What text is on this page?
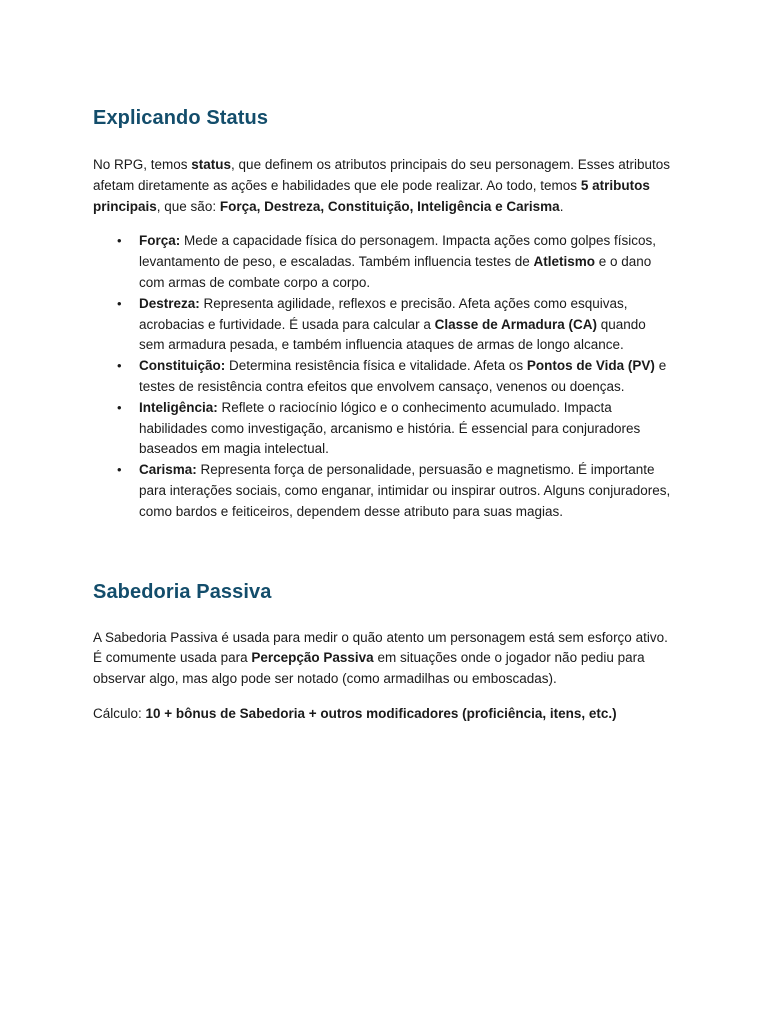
Explicando Status

No RPG, temos status, que definem os atributos principais do seu personagem. Esses atributos afetam diretamente as ações e habilidades que ele pode realizar. Ao todo, temos 5 atributos principais, que são: Força, Destreza, Constituição, Inteligência e Carisma.

• Força: Mede a capacidade física do personagem. Impacta ações como golpes físicos, levantamento de peso, e escaladas. Também influencia testes de Atletismo e o dano com armas de combate corpo a corpo.
• Destreza: Representa agilidade, reflexos e precisão. Afeta ações como esquivas, acrobacias e furtividade. É usada para calcular a Classe de Armadura (CA) quando sem armadura pesada, e também influencia ataques de armas de longo alcance.
• Constituição: Determina resistência física e vitalidade. Afeta os Pontos de Vida (PV) e testes de resistência contra efeitos que envolvem cansaço, venenos ou doenças.
• Inteligência: Reflete o raciocínio lógico e o conhecimento acumulado. Impacta habilidades como investigação, arcanismo e história. É essencial para conjuradores baseados em magia intelectual.
• Carisma: Representa força de personalidade, persuasão e magnetismo. É importante para interações sociais, como enganar, intimidar ou inspirar outros. Alguns conjuradores, como bardos e feiticeiros, dependem desse atributo para suas magias.
Sabedoria Passiva

A Sabedoria Passiva é usada para medir o quão atento um personagem está sem esforço ativo. É comumente usada para Percepção Passiva em situações onde o jogador não pediu para observar algo, mas algo pode ser notado (como armadilhas ou emboscadas).

Cálculo: 10 + bônus de Sabedoria + outros modificadores (proficiência, itens, etc.)
